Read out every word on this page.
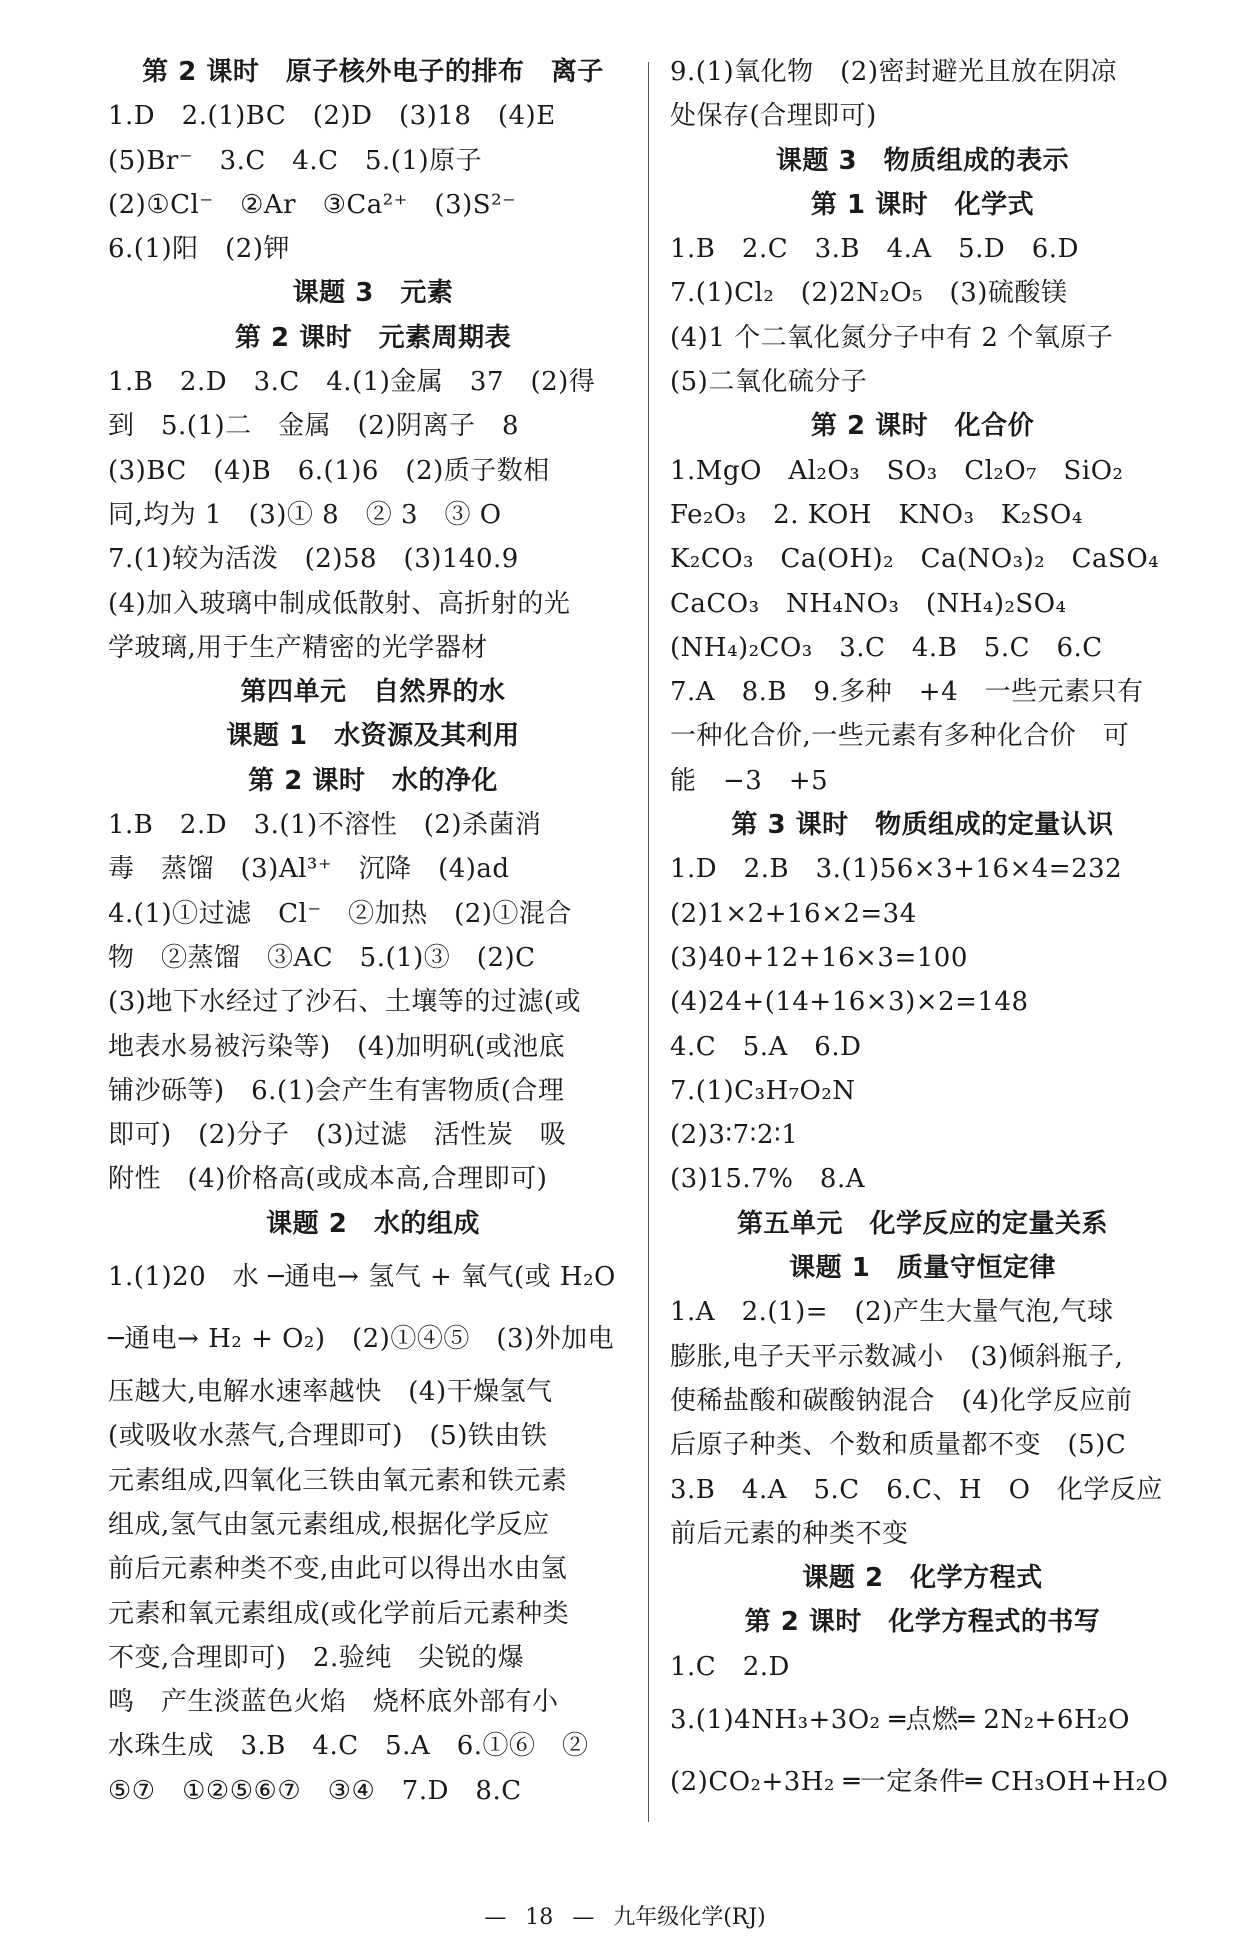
第 2 课时　原子核外电子的排布　离子
1.D　2.(1)BC　(2)D　(3)18　(4)E
(5)Br⁻　3.C　4.C　5.(1)原子
(2)①Cl⁻　②Ar　③Ca²⁺　(3)S²⁻
6.(1)阳　(2)钾
课题 3　元素
第 2 课时　元素周期表
1.B　2.D　3.C　4.(1)金属　37　(2)得
到　5.(1)二　金属　(2)阴离子　8
(3)BC　(4)B　6.(1)6　(2)质子数相
同,均为 1　(3)① 8　② 3　③ O
7.(1)较为活泼　(2)58　(3)140.9
(4)加入玻璃中制成低散射、高折射的光
学玻璃,用于生产精密的光学器材
第四单元　自然界的水
课题 1　水资源及其利用
第 2 课时　水的净化
1.B　2.D　3.(1)不溶性　(2)杀菌消
毒　蒸馏　(3)Al³⁺　沉降　(4)ad
4.(1)①过滤　Cl⁻　②加热　(2)①混合
物　②蒸馏　③AC　5.(1)③　(2)C
(3)地下水经过了沙石、土壤等的过滤(或
地表水易被污染等)　(4)加明矾(或池底
铺沙砾等)　6.(1)会产生有害物质(合理
即可)　(2)分子　(3)过滤　活性炭　吸
附性　(4)价格高(或成本高,合理即可)
课题 2　水的组成
1.(1)20　水 ─通电→ 氢气 + 氧气(或 H₂O
─通电→ H₂ + O₂)　(2)①④⑤　(3)外加电
压越大,电解水速率越快　(4)干燥氢气
(或吸收水蒸气,合理即可)　(5)铁由铁
元素组成,四氧化三铁由氧元素和铁元素
组成,氢气由氢元素组成,根据化学反应
前后元素种类不变,由此可以得出水由氢
元素和氧元素组成(或化学前后元素种类
不变,合理即可)　2.验纯　尖锐的爆
鸣　产生淡蓝色火焰　烧杯底外部有小
水珠生成　3.B　4.C　5.A　6.①⑥　②
⑤⑦　①②⑤⑥⑦　③④　7.D　8.C
9.(1)氧化物　(2)密封避光且放在阴凉
处保存(合理即可)
课题 3　物质组成的表示
第 1 课时　化学式
1.B　2.C　3.B　4.A　5.D　6.D
7.(1)Cl₂　(2)2N₂O₅　(3)硫酸镁
(4)1 个二氧化氮分子中有 2 个氧原子
(5)二氧化硫分子
第 2 课时　化合价
1.MgO　Al₂O₃　SO₃　Cl₂O₇　SiO₂
Fe₂O₃　2. KOH　KNO₃　K₂SO₄
K₂CO₃　Ca(OH)₂　Ca(NO₃)₂　CaSO₄
CaCO₃　NH₄NO₃　(NH₄)₂SO₄
(NH₄)₂CO₃　3.C　4.B　5.C　6.C
7.A　8.B　9.多种　+4　一些元素只有
一种化合价,一些元素有多种化合价　可
能　−3　+5
第 3 课时　物质组成的定量认识
1.D　2.B　3.(1)56×3+16×4=232
(2)1×2+16×2=34
(3)40+12+16×3=100
(4)24+(14+16×3)×2=148
4.C　5.A　6.D
7.(1)C₃H₇O₂N
(2)3∶7∶2∶1
(3)15.7%　8.A
第五单元　化学反应的定量关系
课题 1　质量守恒定律
1.A　2.(1)=　(2)产生大量气泡,气球
膨胀,电子天平示数减小　(3)倾斜瓶子,
使稀盐酸和碳酸钠混合　(4)化学反应前
后原子种类、个数和质量都不变　(5)C
3.B　4.A　5.C　6.C、H　O　化学反应
前后元素的种类不变
课题 2　化学方程式
第 2 课时　化学方程式的书写
1.C　2.D
3.(1)4NH₃+3O₂ ═点燃═ 2N₂+6H₂O
(2)CO₂+3H₂ ═一定条件═ CH₃OH+H₂O
— 18 — 九年级化学(RJ)
